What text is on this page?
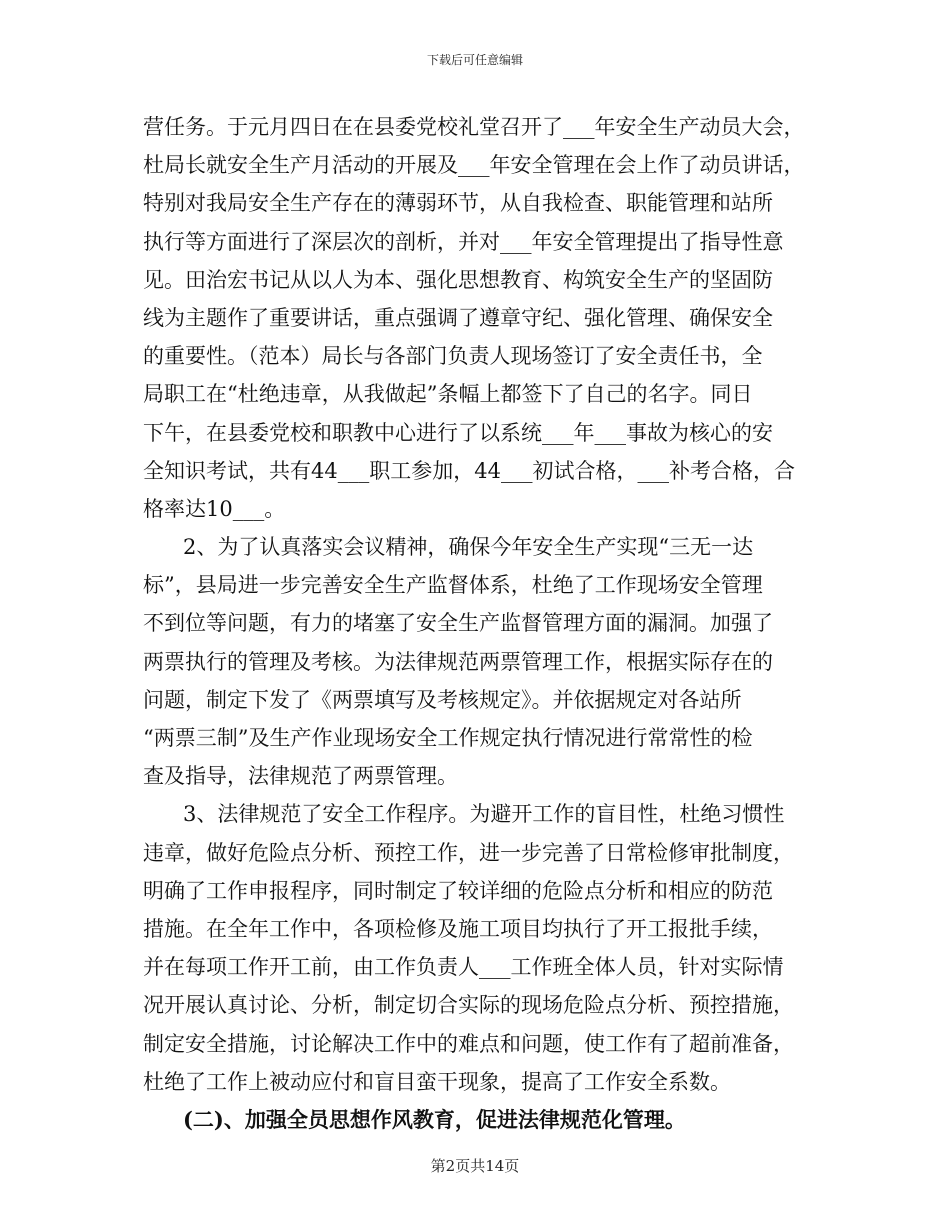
下载后可任意编辑
营任务。于元月四日在在县委党校礼堂召开了___年安全生产动员大会，
杜局长就安全生产月活动的开展及___年安全管理在会上作了动员讲话，
特别对我局安全生产存在的薄弱环节，从自我检查、职能管理和站所
执行等方面进行了深层次的剖析，并对___年安全管理提出了指导性意
见。田治宏书记从以人为本、强化思想教育、构筑安全生产的坚固防
线为主题作了重要讲话，重点强调了遵章守纪、强化管理、确保安全
的重要性。（范本）局长与各部门负责人现场签订了安全责任书，全
局职工在“杜绝违章，从我做起”条幅上都签下了自己的名字。同日
下午，在县委党校和职教中心进行了以系统___年___事故为核心的安
全知识考试，共有44___职工参加，44___初试合格，___补考合格，合
格率达10___。
2、为了认真落实会议精神，确保今年安全生产实现“三无一达
标”，县局进一步完善安全生产监督体系，杜绝了工作现场安全管理
不到位等问题，有力的堵塞了安全生产监督管理方面的漏洞。加强了
两票执行的管理及考核。为法律规范两票管理工作，根据实际存在的
问题，制定下发了《两票填写及考核规定》。并依据规定对各站所
“两票三制”及生产作业现场安全工作规定执行情况进行常常性的检
查及指导，法律规范了两票管理。
3、法律规范了安全工作程序。为避开工作的盲目性，杜绝习惯性
违章，做好危险点分析、预控工作，进一步完善了日常检修审批制度，
明确了工作申报程序，同时制定了较详细的危险点分析和相应的防范
措施。在全年工作中，各项检修及施工项目均执行了开工报批手续，
并在每项工作开工前，由工作负责人___工作班全体人员，针对实际情
况开展认真讨论、分析，制定切合实际的现场危险点分析、预控措施，
制定安全措施，讨论解决工作中的难点和问题，使工作有了超前准备，
杜绝了工作上被动应付和盲目蛮干现象，提高了工作安全系数。
(二)、加强全员思想作风教育，促进法律规范化管理。
第2页共14页
